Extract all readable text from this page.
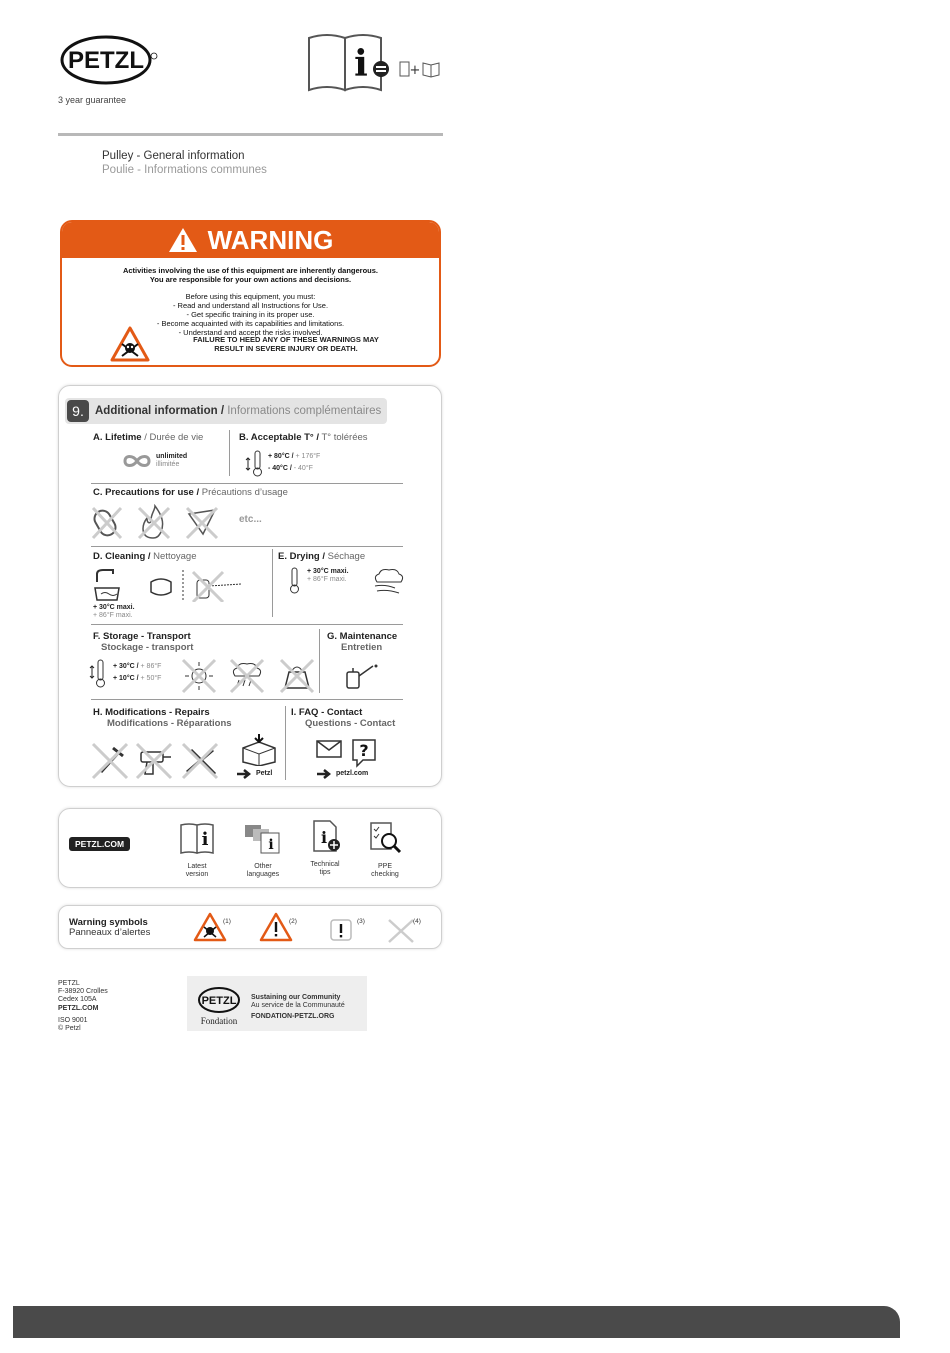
PETZL
3 year guarantee
i	+
Pulley - General information
Poulie - Informations communes
WARNING
Activities involving the use of this equipment are inherently dangerous.
You are responsible for your own actions and decisions.
Before using this equipment, you must:
- Read and understand all Instructions for Use.
- Get specific training in its proper use.
- Become acquainted with its capabilities and limitations.
- Understand and accept the risks involved.
FAILURE TO HEED ANY OF THESE WARNINGS MAY
RESULT IN SEVERE INJURY OR DEATH.
9. Additional information / Informations complémentaires
A. Lifetime / Durée de vie
unlimited
illimitée
B. Acceptable T° / T° tolérées
+ 80°C / + 176°F
- 40°C / - 40°F
C. Precautions for use / Précautions d’usage
etc...
D. Cleaning / Nettoyage
+ 30°C maxi.
+ 86°F maxi.
E. Drying / Séchage
+ 30°C maxi.
+ 86°F maxi.
F. Storage - Transport
Stockage - transport
+ 30°C / + 86°F
+ 10°C / + 50°F
G. Maintenance
Entretien
H. Modifications - Repairs
Modifications - Réparations
Petzl
I. FAQ - Contact
Questions - Contact
?
petzl.com
PETZL.COM	i
Latest
version
i
Other
languages
i
Technical
tips
PPE
checking
Warning symbols
Panneaux d’alertes
(1)	(2)	(3)	(4)
PETZL
F-38920 Crolles
Cedex 105A
PETZL.COM
ISO 9001
© Petzl
PETZL
Fondation
Sustaining our Community
Au service de la Communauté
FONDATION-PETZL.ORG
